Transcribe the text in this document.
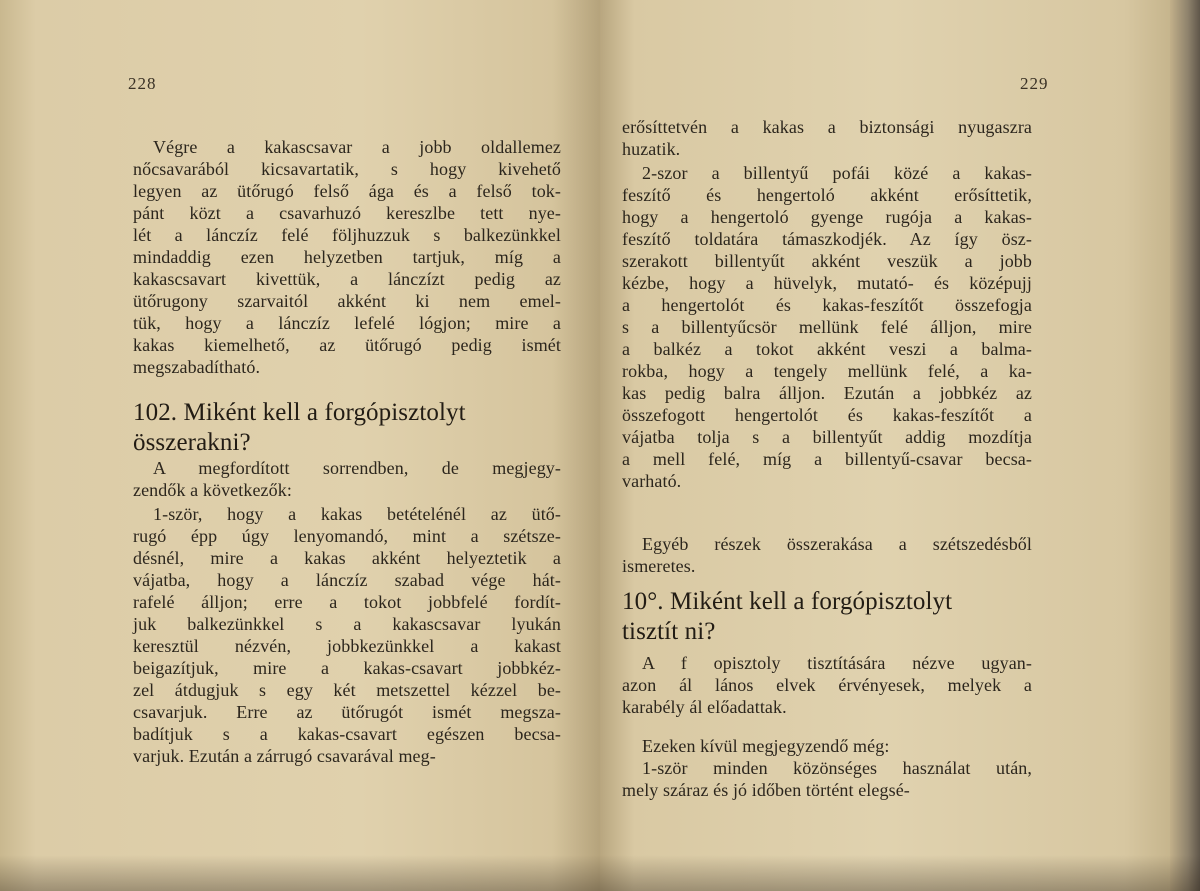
228
Végre a kakascsavar a jobb oldallemez
nőcsavarából kicsavartatik, s hogy kivehető
legyen az ütőrugó felső ága és a felső tok-
pánt közt a csavarhuzó kereszlbe tett nye-
lét a lánczíz felé följhuzzuk s balkezünkkel
mindaddig ezen helyzetben tartjuk, míg a
kakascsavart kivettük, a lánczízt pedig az
ütőrugony szarvaitól akként ki nem emel-
tük, hogy a lánczíz lefelé lógjon; mire a
kakas kiemelhető, az ütőrugó pedig ismét
megszabadítható.
102. Miként kell a forgópisztolyt
összerakni?
A megfordított sorrendben, de megjegy-
zendők a következők:
1-ször, hogy a kakas betételénél az ütő-
rugó épp úgy lenyomandó, mint a szétsze-
désnél, mire a kakas akként helyeztetik a
vájatba, hogy a lánczíz szabad vége hát-
rafelé álljon; erre a tokot jobbfelé fordít-
juk balkezünkkel s a kakascsavar lyukán
keresztül nézvén, jobbkezünkkel a kakast
beigazítjuk, mire a kakas-csavart jobbkéz-
zel átdugjuk s egy két metszettel kézzel be-
csavarjuk. Erre az ütőrugót ismét megsza-
badítjuk s a kakas-csavart egészen becsa-
varjuk. Ezután a zárrugó csavarával meg-
229
erősíttetvén a kakas a biztonsági nyugaszra
huzatik.
2-szor a billentyű pofái közé a kakas-
feszítő és hengertoló akként erősíttetik,
hogy a hengertoló gyenge rugója a kakas-
feszítő toldatára támaszkodjék. Az így ösz-
szerakott billentyűt akként veszük a jobb
kézbe, hogy a hüvelyk, mutató- és középujj
a hengertolót és kakas-feszítőt összefogja
s a billentyűcsör mellünk felé álljon, mire
a balkéz a tokot akként veszi a balma-
rokba, hogy a tengely mellünk felé, a ka-
kas pedig balra álljon. Ezután a jobbkéz az
összefogott hengertolót és kakas-feszítőt a
vájatba tolja s a billentyűt addig mozdítja
a mell felé, míg a billentyű-csavar becsa-
varható.
Egyéb részek összerakása a szétszedésből
ismeretes.
10°. Miként kell a forgópisztolyt
tisztít ni?
A f opisztoly tisztítására nézve ugyan-
azon ál lános elvek érvényesek, melyek a
karabély ál előadattak.
Ezeken kívül megjegyzendő még:
1-ször minden közönséges használat után,
mely száraz és jó időben történt elegsé-
